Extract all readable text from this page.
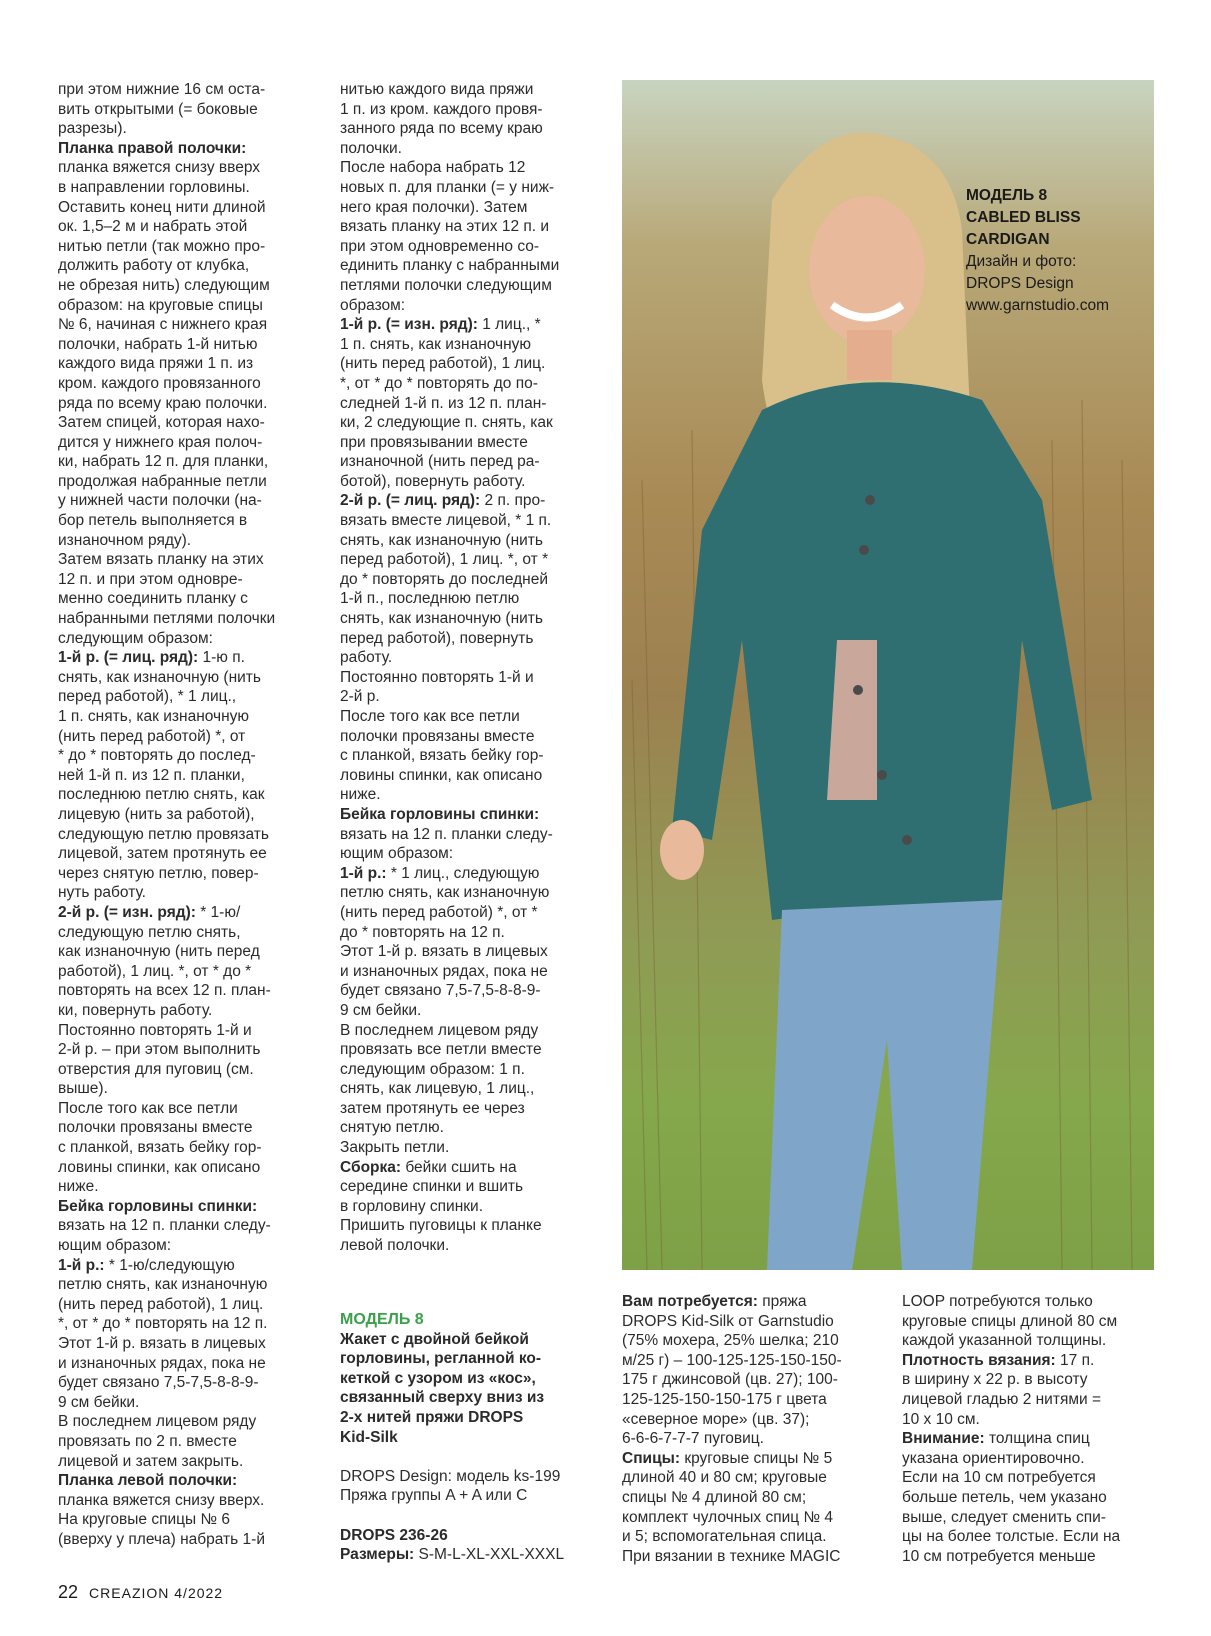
при этом нижние 16 см оста-

вить открытыми (= боковые

разрезы).

Планка правой полочки:

планка вяжется снизу вверх

в направлении горловины.

Оставить конец нити длиной

ок. 1,5–2 м и набрать этой

нитью петли (так можно про-

должить работу от клубка,

не обрезая нить) следующим

образом: на круговые спицы

№ 6, начиная с нижнего края

полочки, набрать 1-й нитью

каждого вида пряжи 1 п. из

кром. каждого провязанного

ряда по всему краю полочки.

Затем спицей, которая нахо-

дится у нижнего края полоч-

ки, набрать 12 п. для планки,

продолжая набранные петли

у нижней части полочки (на-

бор петель выполняется в

изнаночном ряду).

Затем вязать планку на этих

12 п. и при этом одновре-

менно соединить планку с

набранными петлями полочки

следующим образом:

1-й р. (= лиц. ряд): 1-ю п.

снять, как изнаночную (нить

перед работой), * 1 лиц.,

1 п. снять, как изнаночную

(нить перед работой) *, от

* до * повторять до послед-

ней 1-й п. из 12 п. планки,

последнюю петлю снять, как

лицевую (нить за работой),

следующую петлю провязать

лицевой, затем протянуть ее

через снятую петлю, повер-

нуть работу.

2-й р. (= изн. ряд): * 1-ю/

следующую петлю снять,

как изнаночную (нить перед

работой), 1 лиц. *, от * до *

повторять на всех 12 п. план-

ки, повернуть работу.

Постоянно повторять 1-й и

2-й р. – при этом выполнить

отверстия для пуговиц (см.

выше).

После того как все петли

полочки провязаны вместе

с планкой, вязать бейку гор-

ловины спинки, как описано

ниже.

Бейка горловины спинки:

вязать на 12 п. планки следу-

ющим образом:

1-й р.: * 1-ю/следующую

петлю снять, как изнаночную

(нить перед работой), 1 лиц.

*, от * до * повторять на 12 п.

Этот 1-й р. вязать в лицевых

и изнаночных рядах, пока не

будет связано 7,5-7,5-8-8-9-

9 см бейки.

В последнем лицевом ряду

провязать по 2 п. вместе

лицевой и затем закрыть.

Планка левой полочки:

планка вяжется снизу вверх.

На круговые спицы № 6

(вверху у плеча) набрать 1-й

нитью каждого вида пряжи

1 п. из кром. каждого провя-

занного ряда по всему краю

полочки.

После набора набрать 12

новых п. для планки (= у ниж-

него края полочки). Затем

вязать планку на этих 12 п. и

при этом одновременно со-

единить планку с набранными

петлями полочки следующим

образом:

1-й р. (= изн. ряд): 1 лиц., *

1 п. снять, как изнаночную

(нить перед работой), 1 лиц.

*, от * до * повторять до по-

следней 1-й п. из 12 п. план-

ки, 2 следующие п. снять, как

при провязывании вместе

изнаночной (нить перед ра-

ботой), повернуть работу.

2-й р. (= лиц. ряд): 2 п. про-

вязать вместе лицевой, * 1 п.

снять, как изнаночную (нить

перед работой), 1 лиц. *, от *

до * повторять до последней

1-й п., последнюю петлю

снять, как изнаночную (нить

перед работой), повернуть

работу.

Постоянно повторять 1-й и

2-й р.

После того как все петли

полочки провязаны вместе

с планкой, вязать бейку гор-

ловины спинки, как описано

ниже.

Бейка горловины спинки:

вязать на 12 п. планки следу-

ющим образом:

1-й р.: * 1 лиц., следующую

петлю снять, как изнаночную

(нить перед работой) *, от *

до * повторять на 12 п.

Этот 1-й р. вязать в лицевых

и изнаночных рядах, пока не

будет связано 7,5-7,5-8-8-9-

9 см бейки.

В последнем лицевом ряду

провязать все петли вместе

следующим образом: 1 п.

снять, как лицевую, 1 лиц.,

затем протянуть ее через

снятую петлю.

Закрыть петли.

Сборка: бейки сшить на

середине спинки и вшить

в горловину спинки.

Пришить пуговицы к планке

левой полочки.

МОДЕЛЬ 8

CABLED BLISS

CARDIGAN

Дизайн и фото:

DROPS Design

www.garnstudio.com

МОДЕЛЬ 8

Жакет с двойной бейкой

горловины, регланной ко-

кеткой с узором из «кос»,

связанный сверху вниз из

2-х нитей пряжи DROPS

Kid-Silk

DROPS Design: модель ks-199

Пряжа группы A + A или C

DROPS 236-26

Размеры: S-M-L-XL-XXL-XXXL

Вам потребуется: пряжа

DROPS Kid-Silk от Garnstudio

(75% мохера, 25% шелка; 210

м/25 г) – 100-125-125-150-150-

175 г джинсовой (цв. 27); 100-

125-125-150-150-175 г цвета

«северное море» (цв. 37);

6-6-6-7-7-7 пуговиц.

Спицы: круговые спицы № 5

длиной 40 и 80 см; круговые

спицы № 4 длиной 80 см;

комплект чулочных спиц № 4

и 5; вспомогательная спица.

При вязании в технике MAGIC

LOOP потребуются только

круговые спицы длиной 80 см

каждой указанной толщины.

Плотность вязания: 17 п.

в ширину х 22 р. в высоту

лицевой гладью 2 нитями =

10 х 10 см.

Внимание: толщина спиц

указана ориентировочно.

Если на 10 см потребуется

больше петель, чем указано

выше, следует сменить спи-

цы на более толстые. Если на

10 см потребуется меньше

22 CREAZION 4/2022
